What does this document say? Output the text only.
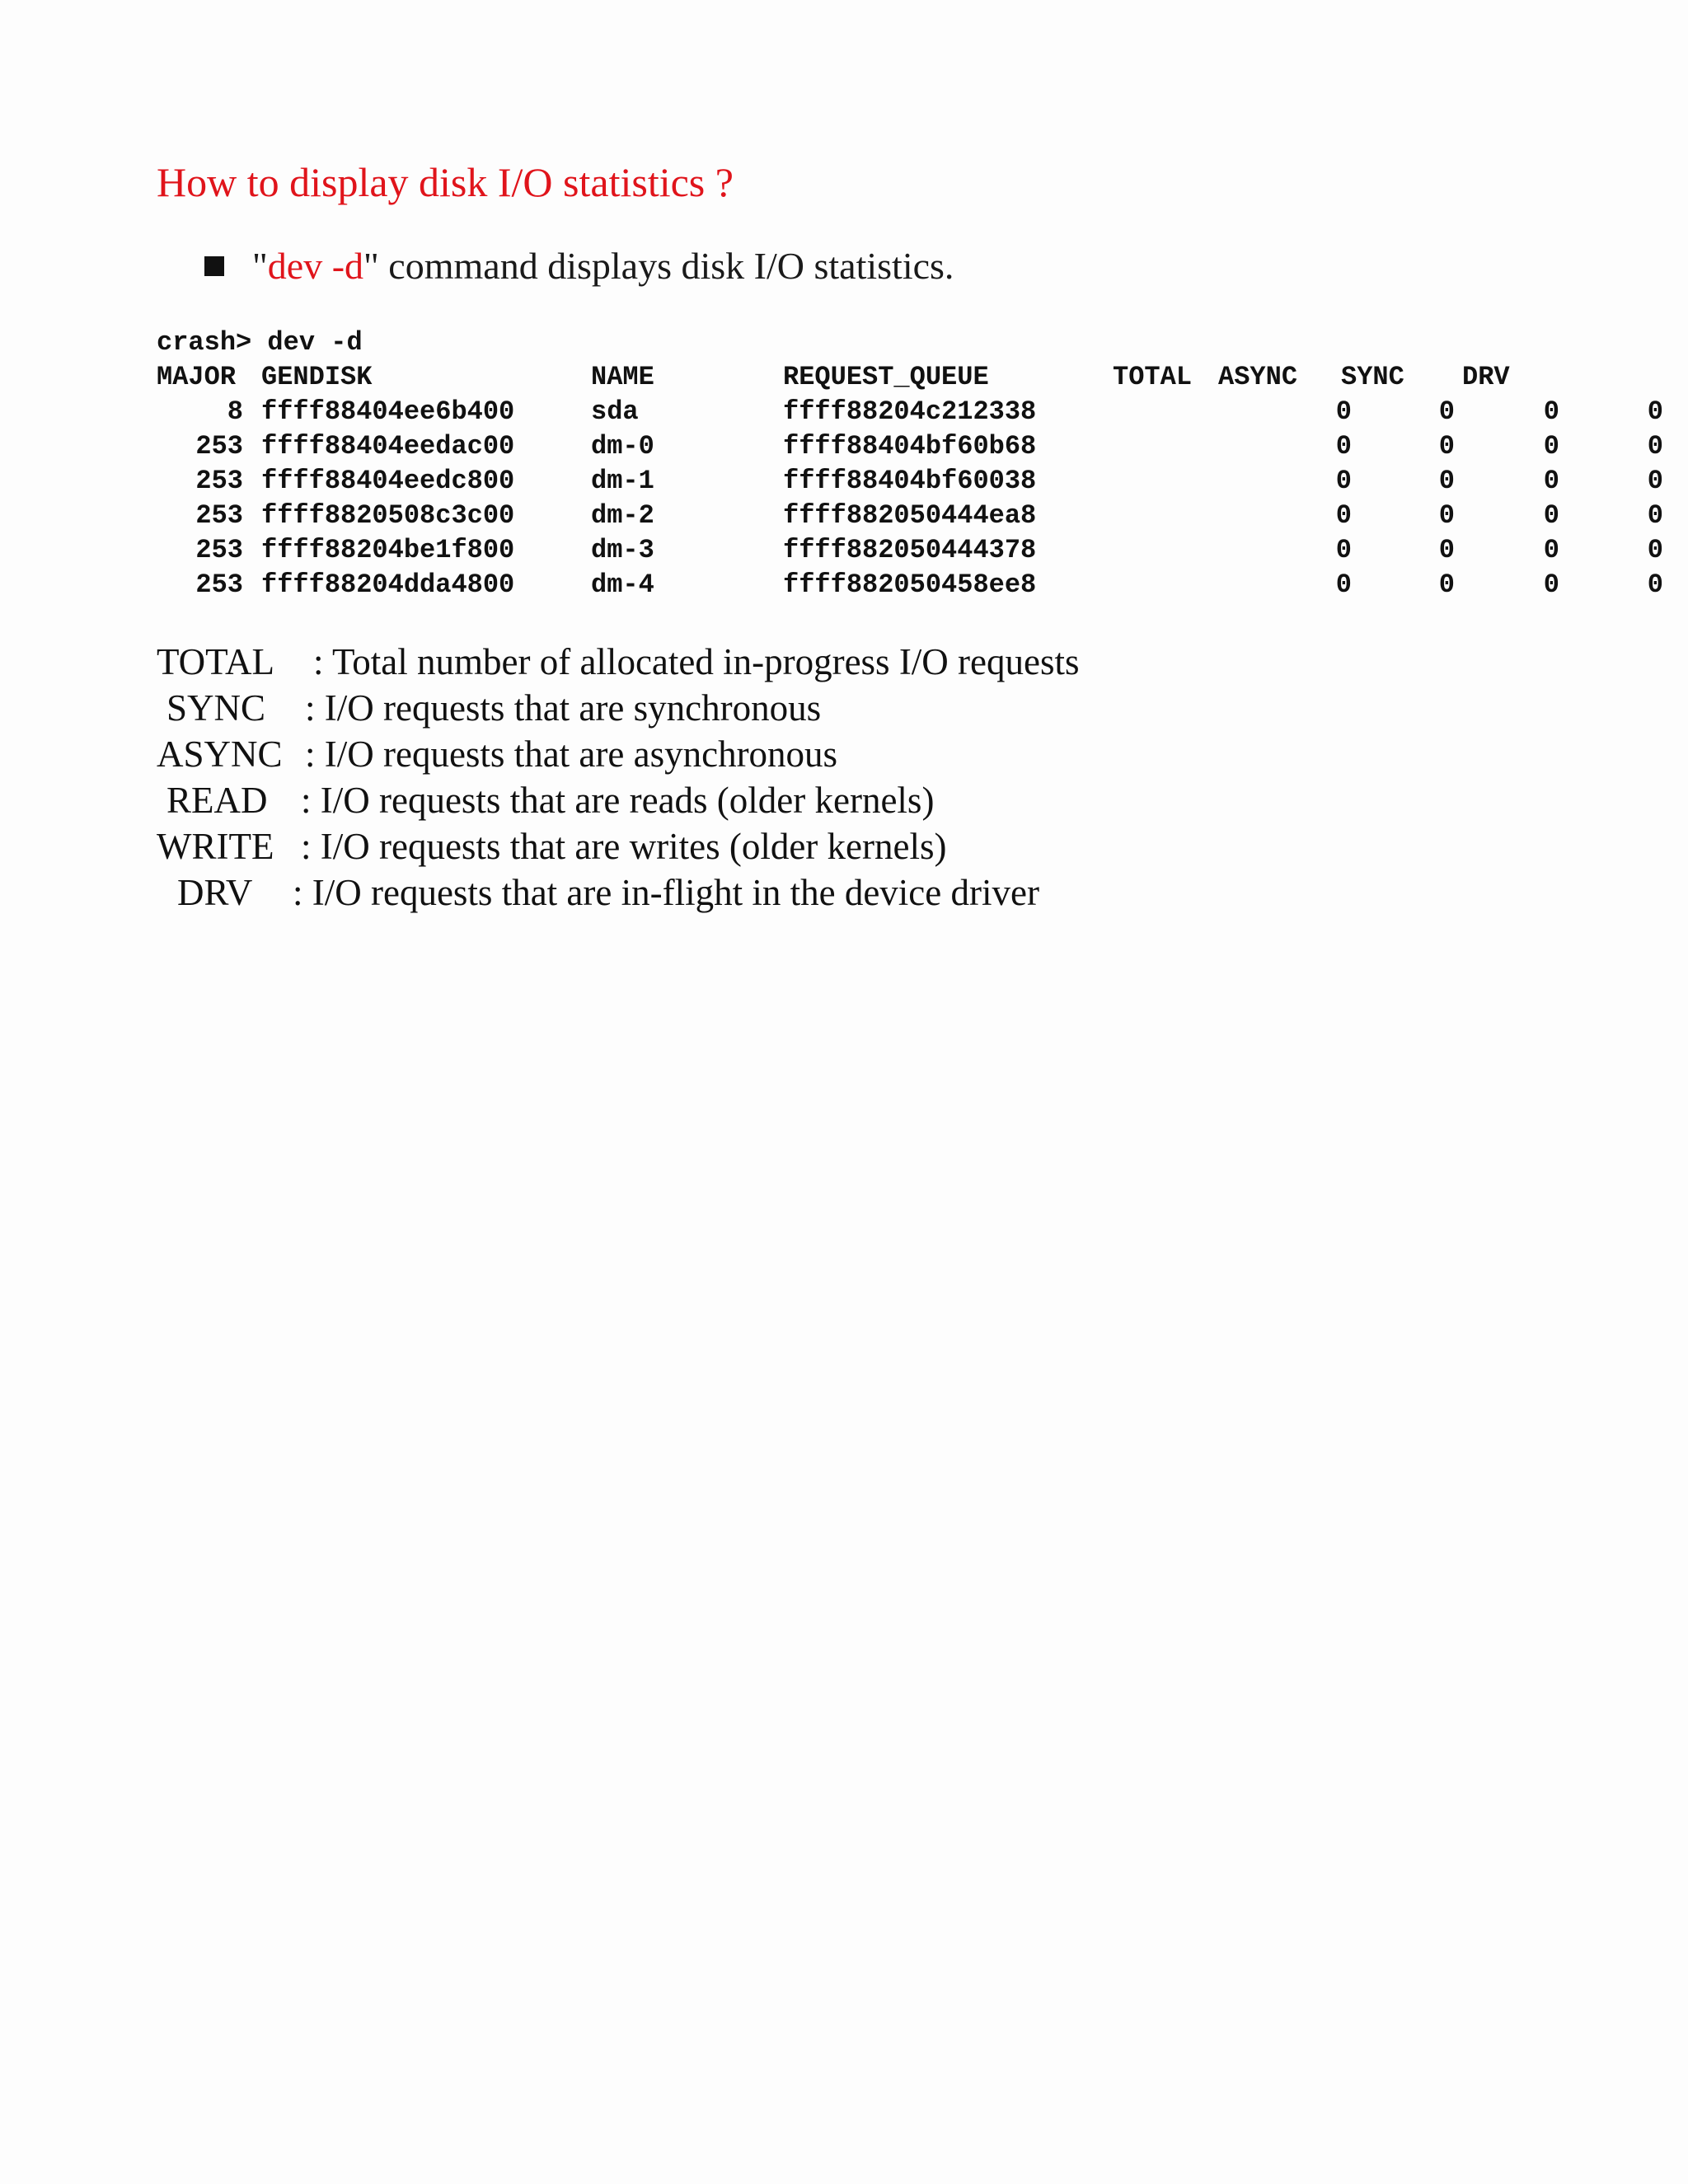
How to display disk I/O statistics ?
"dev -d" command displays disk I/O statistics.
crash> dev -d
MAJOR GENDISK	NAME	REQUEST_QUEUE	TOTAL ASYNC SYNC DRV
8 ffff88404ee6b400	sda	ffff88204c212338	0	0	0	0
253 ffff88404eedac00	dm-0	ffff88404bf60b68	0	0	0	0
253 ffff88404eedc800	dm-1	ffff88404bf60038	0	0	0	0
253 ffff8820508c3c00	dm-2	ffff882050444ea8	0	0	0	0
253 ffff88204be1f800	dm-3	ffff882050444378	0	0	0	0
253 ffff88204dda4800	dm-4	ffff882050458ee8	0	0	0	0
TOTAL : Total number of allocated in-progress I/O requests
SYNC : I/O requests that are synchronous
ASYNC : I/O requests that are asynchronous
READ : I/O requests that are reads (older kernels)
WRITE : I/O requests that are writes (older kernels)
DRV : I/O requests that are in-flight in the device driver
